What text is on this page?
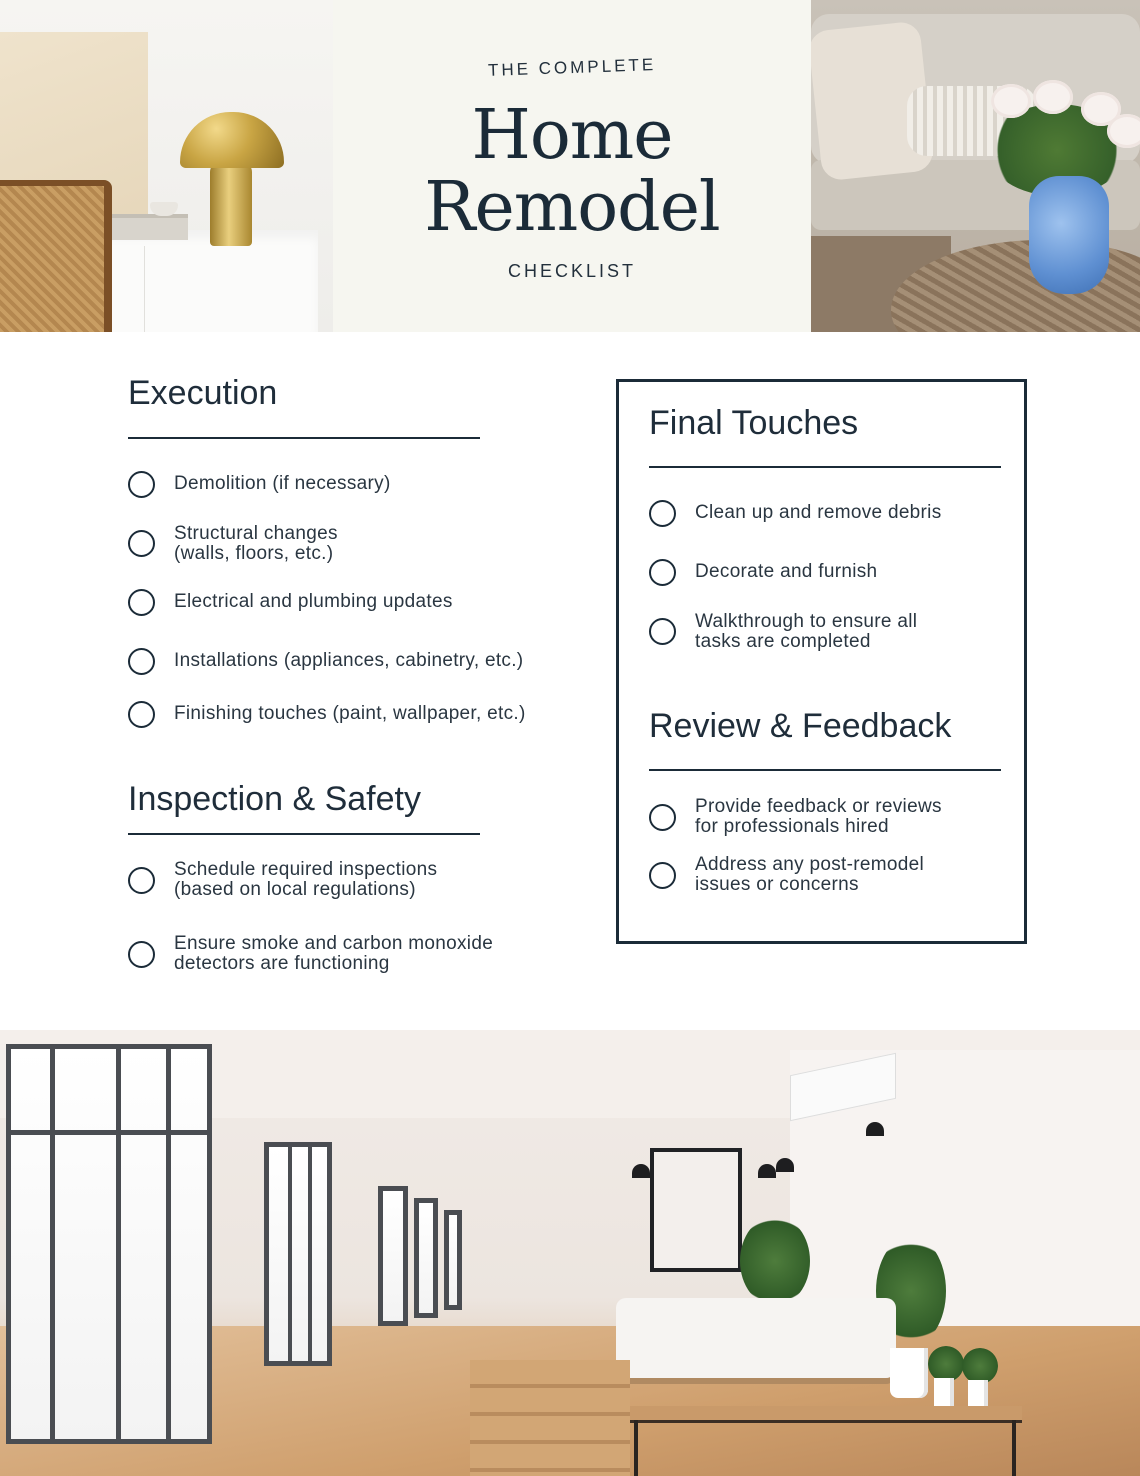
THE COMPLETE
Home
Remodel
CHECKLIST
Execution
Demolition (if necessary)
Structural changes
(walls, floors, etc.)
Electrical and plumbing updates
Installations (appliances, cabinetry, etc.)
Finishing touches (paint, wallpaper, etc.)
Inspection & Safety
Schedule required inspections
(based on local regulations)
Ensure smoke and carbon monoxide
detectors are functioning
Final Touches
Clean up and remove debris
Decorate and furnish
Walkthrough to ensure all
tasks are completed
Review & Feedback
Provide feedback or reviews
for professionals hired
Address any post-remodel
issues or concerns
